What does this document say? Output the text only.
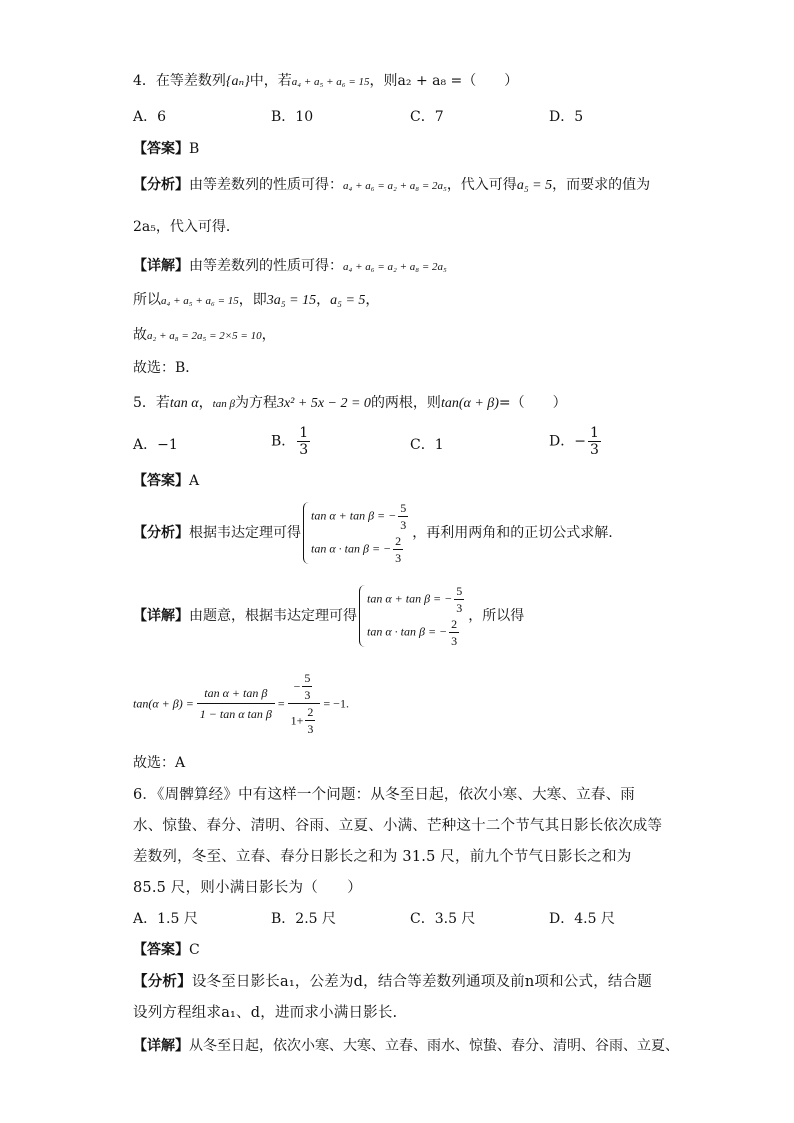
4．在等差数列{aₙ}中，若a₄ + a₅ + a₆ = 15，则a₂ + a₈ =（　　）
A．6	B．10	C．7	D．5
【答案】B
【分析】由等差数列的性质可得：a₄ + a₆ = a₂ + a₈ = 2a₅，代入可得a₅ = 5，而要求的值为
2a₅，代入可得．
【详解】由等差数列的性质可得：a₄ + a₆ = a₂ + a₈ = 2a₅
所以a₄ + a₅ + a₆ = 15，即3a₅ = 15，a₅ = 5，
故a₂ + a₈ = 2a₅ = 2×5 = 10，
故选：B．
5．若tan α，tan β为方程3x² + 5x − 2 = 0的两根，则tan(α + β)=（　　）
A．−1	B． $\frac{1}{3}$	C．1	D．− $\frac{1}{3}$
【答案】A
【分析】根据韦达定理可得
tan α + tan β = − $\frac{5}{3}$
tan α · tan β = − $\frac{2}{3}$ ，再利用两角和的正切公式求解.
【详解】由题意，根据韦达定理可得
tan α + tan β = − $\frac{5}{3}$
tan α · tan β = − $\frac{2}{3}$ ，所以得
$\tan(\alpha + \beta) = \frac{\text{tan α + tan β}}{\text{1 − tan α tan β}} = \frac{- \frac{5}{3}}{1+ \frac{2}{3}} = -1$.
故选：A
6．《周髀算经》中有这样一个问题：从冬至日起，依次小寒、大寒、立春、雨水、惊蛰、春分、清明、谷雨、立夏、小满、芒种这十二个节气其日影长依次成等差数列，冬至、立春、春分日影长之和为 31.5 尺，前九个节气日影长之和为 85.5 尺，则小满日影长为（　　）
A．1.5 尺	B．2.5 尺	C．3.5 尺	D．4.5 尺
【答案】C
【分析】设冬至日影长a₁，公差为d，结合等差数列通项及前n项和公式，结合题设列方程组求a₁、d，进而求小满日影长.
【详解】从冬至日起，依次小寒、大寒、立春、雨水、惊蛰、春分、清明、谷雨、立夏、
